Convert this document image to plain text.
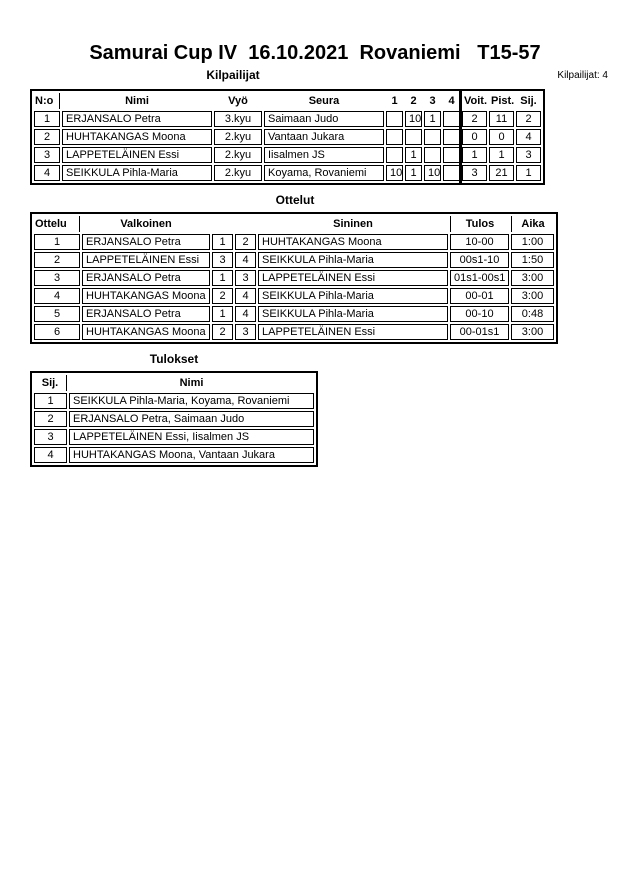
Samurai Cup IV  16.10.2021  Rovaniemi   T15-57
Kilpailijat	Kilpailijat: 4
N:o	Nimi	Vyö	Seura	1	2	3	4	Voit.	Pist.	Sij.
1	ERJANSALO Petra	3.kyu	Saimaan Judo		10	1		2	11	2
2	HUHTAKANGAS Moona	2.kyu	Vantaan Jukara					0	0	4
3	LAPPETELÄINEN Essi	2.kyu	Iisalmen JS		1			1	1	3
4	SEIKKULA Pihla-Maria	2.kyu	Koyama, Rovaniemi	10	1	10		3	21	1
Ottelut
Ottelu	Valkoinen			Sininen	Tulos	Aika
1	ERJANSALO Petra	1	2	HUHTAKANGAS Moona	10-00	1:00
2	LAPPETELÄINEN Essi	3	4	SEIKKULA Pihla-Maria	00s1-10	1:50
3	ERJANSALO Petra	1	3	LAPPETELÄINEN Essi	01s1-00s1	3:00
4	HUHTAKANGAS Moona	2	4	SEIKKULA Pihla-Maria	00-01	3:00
5	ERJANSALO Petra	1	4	SEIKKULA Pihla-Maria	00-10	0:48
6	HUHTAKANGAS Moona	2	3	LAPPETELÄINEN Essi	00-01s1	3:00
Tulokset
Sij.	Nimi
1	SEIKKULA Pihla-Maria, Koyama, Rovaniemi
2	ERJANSALO Petra, Saimaan Judo
3	LAPPETELÄINEN Essi, Iisalmen JS
4	HUHTAKANGAS Moona, Vantaan Jukara
